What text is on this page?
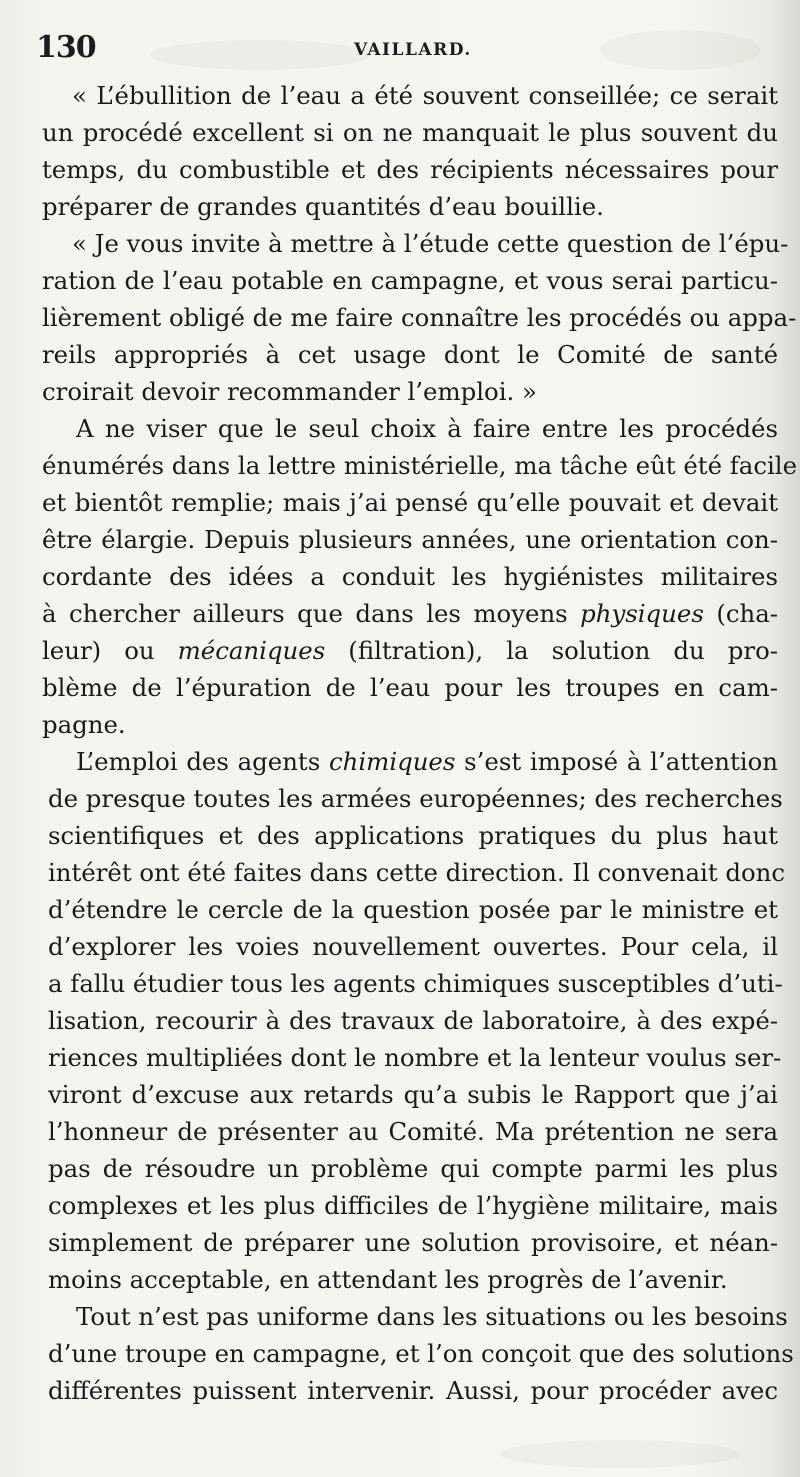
130	VAILLARD.
« L’ébullition de l’eau a été souvent conseillée; ce serait
un procédé excellent si on ne manquait le plus souvent du
temps, du combustible et des récipients nécessaires pour
préparer de grandes quantités d’eau bouillie.
« Je vous invite à mettre à l’étude cette question de l’épu-
ration de l’eau potable en campagne, et vous serai particu-
lièrement obligé de me faire connaître les procédés ou appa-
reils appropriés à cet usage dont le Comité de santé
croirait devoir recommander l’emploi. »
A ne viser que le seul choix à faire entre les procédés
énumérés dans la lettre ministérielle, ma tâche eût été facile
et bientôt remplie; mais j’ai pensé qu’elle pouvait et devait
être élargie. Depuis plusieurs années, une orientation con-
cordante des idées a conduit les hygiénistes militaires
à chercher ailleurs que dans les moyens physiques (cha-
leur) ou mécaniques (filtration), la solution du pro-
blème de l’épuration de l’eau pour les troupes en cam-
pagne.
L’emploi des agents chimiques s’est imposé à l’attention
de presque toutes les armées européennes; des recherches
scientifiques et des applications pratiques du plus haut
intérêt ont été faites dans cette direction. Il convenait donc
d’étendre le cercle de la question posée par le ministre et
d’explorer les voies nouvellement ouvertes. Pour cela, il
a fallu étudier tous les agents chimiques susceptibles d’uti-
lisation, recourir à des travaux de laboratoire, à des expé-
riences multipliées dont le nombre et la lenteur voulus ser-
viront d’excuse aux retards qu’a subis le Rapport que j’ai
l’honneur de présenter au Comité. Ma prétention ne sera
pas de résoudre un problème qui compte parmi les plus
complexes et les plus difficiles de l’hygiène militaire, mais
simplement de préparer une solution provisoire, et néan-
moins acceptable, en attendant les progrès de l’avenir.
Tout n’est pas uniforme dans les situations ou les besoins
d’une troupe en campagne, et l’on conçoit que des solutions
différentes puissent intervenir. Aussi, pour procéder avec
